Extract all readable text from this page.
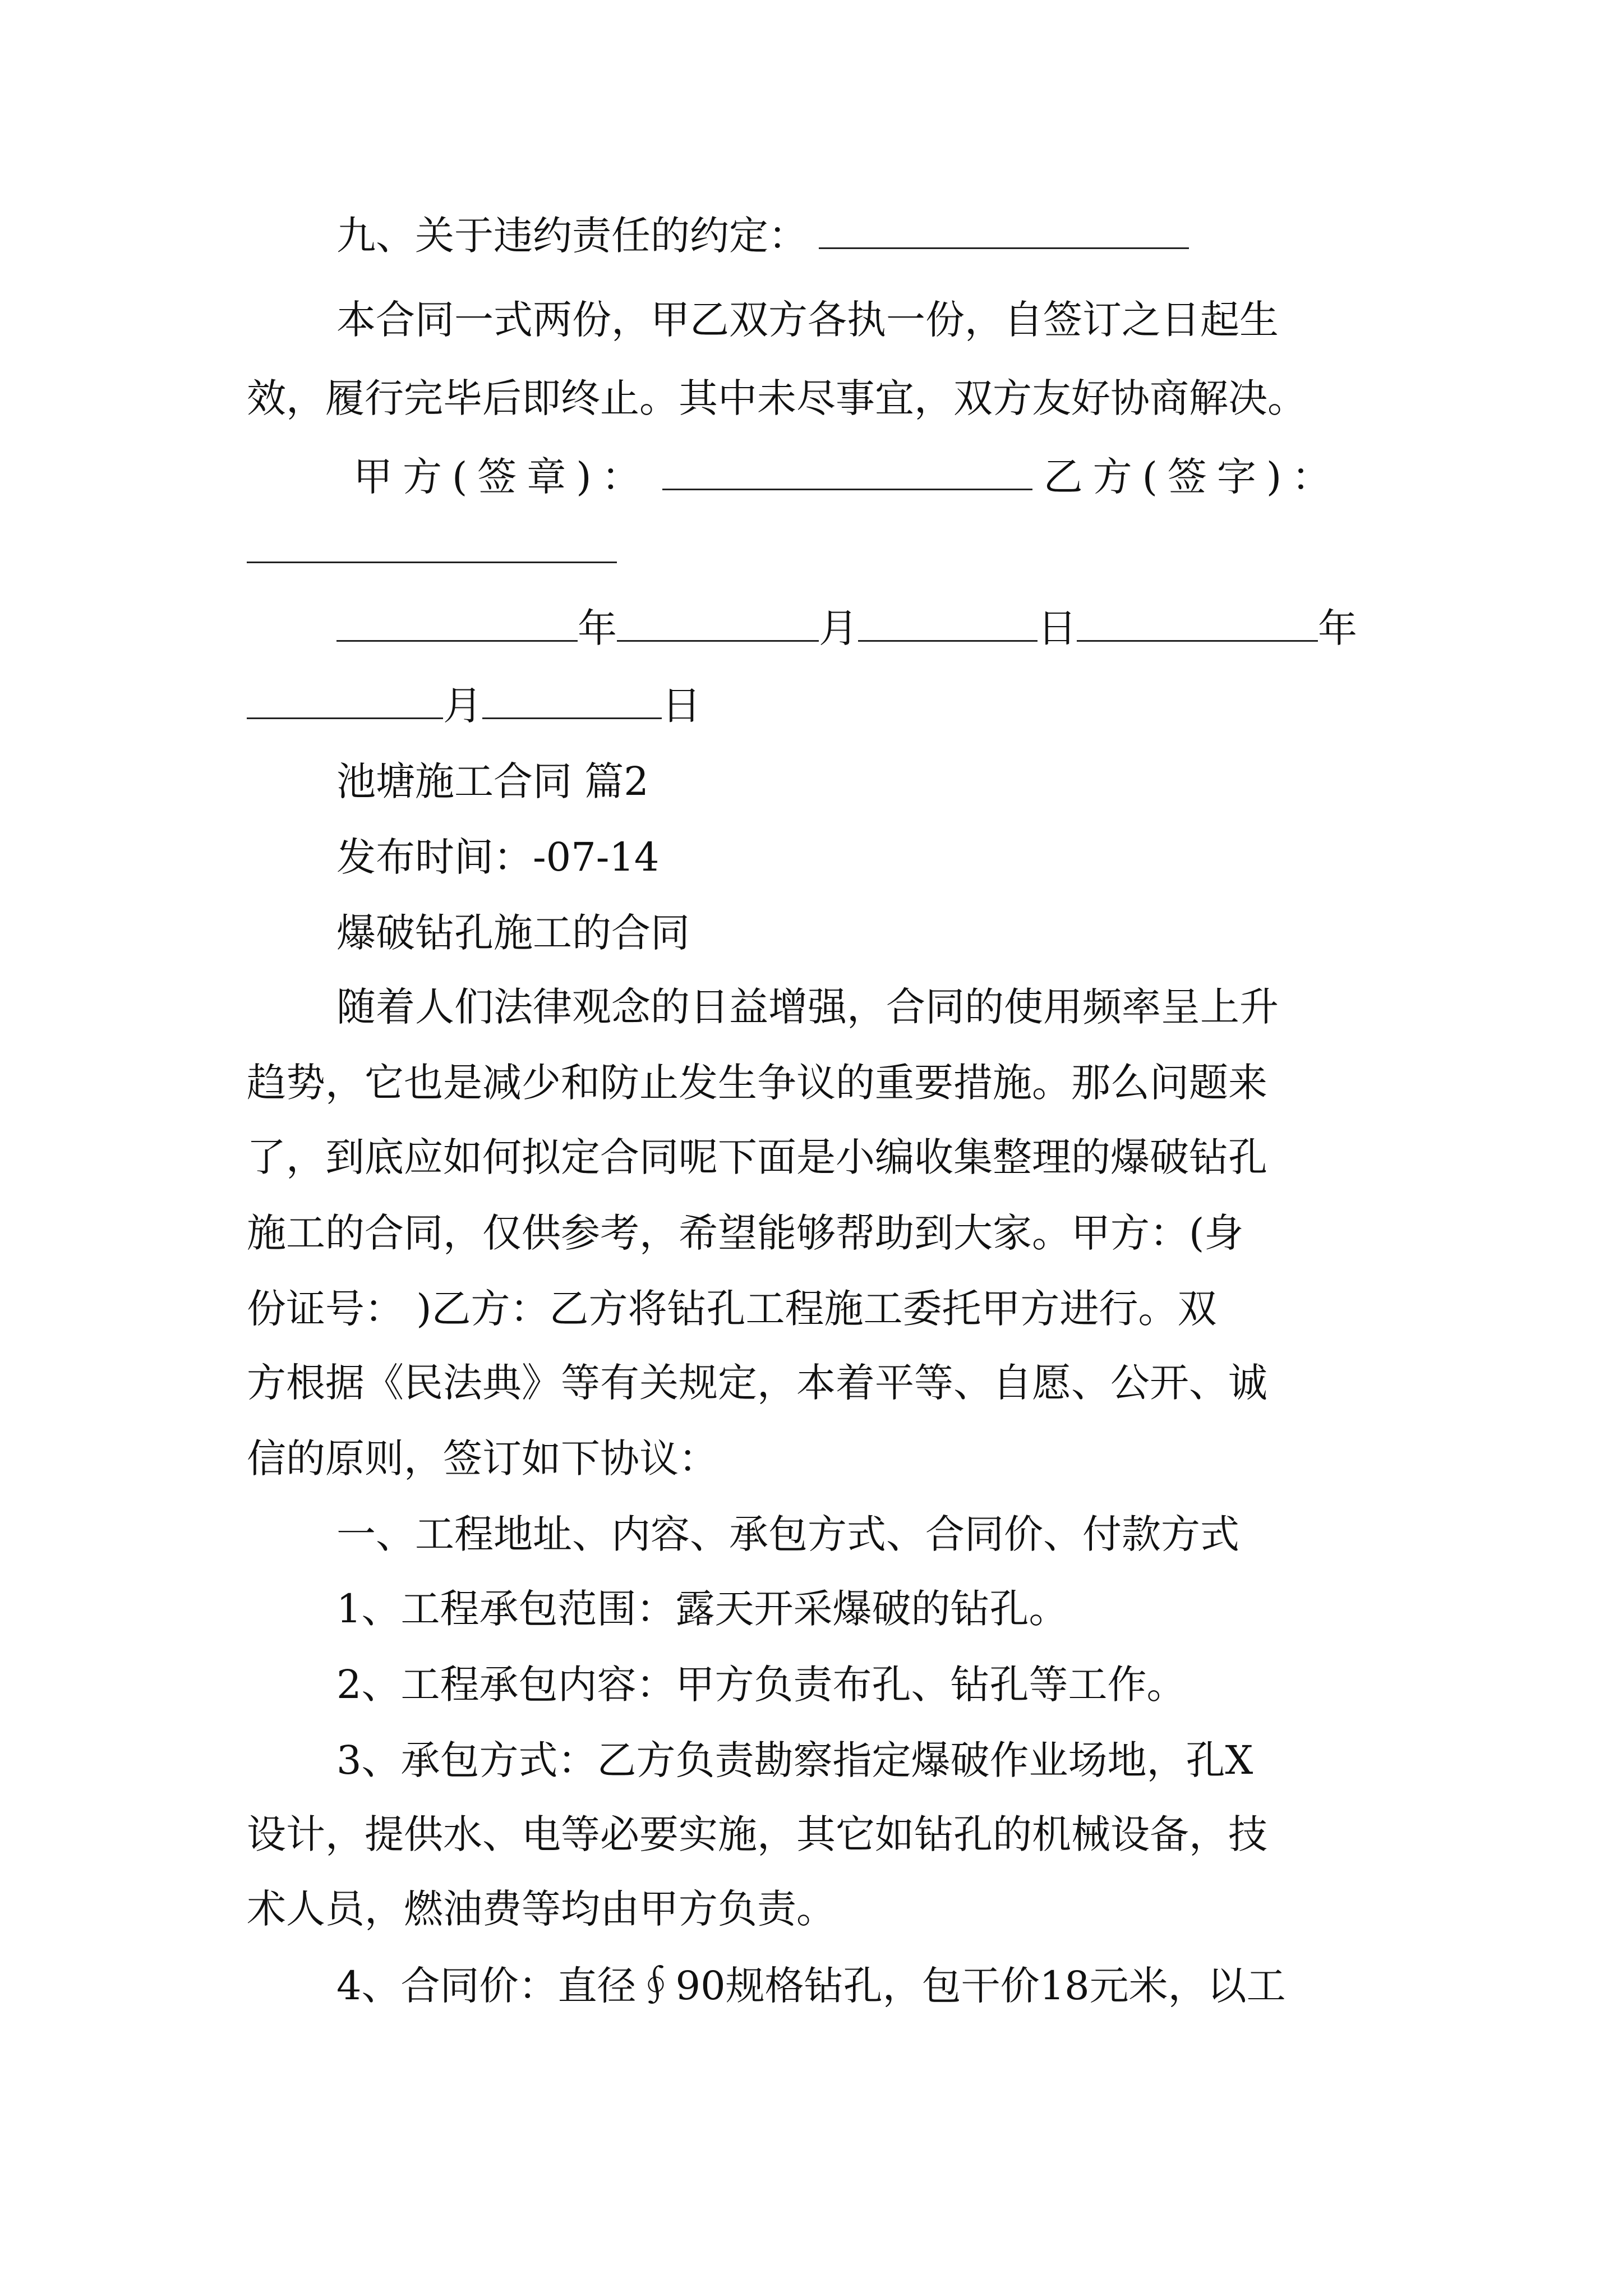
九、关于违约责任的约定：
本合同一式两份，甲乙双方各执一份，自签订之日起生
效，履行完毕后即终止。其中未尽事宜，双方友好协商解决。
甲方(签章)：	乙方(签字)：
年	月	日	年
月	日
池塘施工合同 篇2
发布时间：-07-14
爆破钻孔施工的合同
随着人们法律观念的日益增强，合同的使用频率呈上升
趋势，它也是减少和防止发生争议的重要措施。那么问题来
了，到底应如何拟定合同呢下面是小编收集整理的爆破钻孔
施工的合同，仅供参考，希望能够帮助到大家。甲方：(身
份证号： )乙方：乙方将钻孔工程施工委托甲方进行。双
方根据《民法典》等有关规定，本着平等、自愿、公开、诚
信的原则，签订如下协议：
一、工程地址、内容、承包方式、合同价、付款方式
1、工程承包范围：露天开采爆破的钻孔。
2、工程承包内容：甲方负责布孔、钻孔等工作。
3、承包方式：乙方负责勘察指定爆破作业场地，孔X
设计，提供水、电等必要实施，其它如钻孔的机械设备，技
术人员，燃油费等均由甲方负责。
4、合同价：直径∮90规格钻孔，包干价18元米，以工
